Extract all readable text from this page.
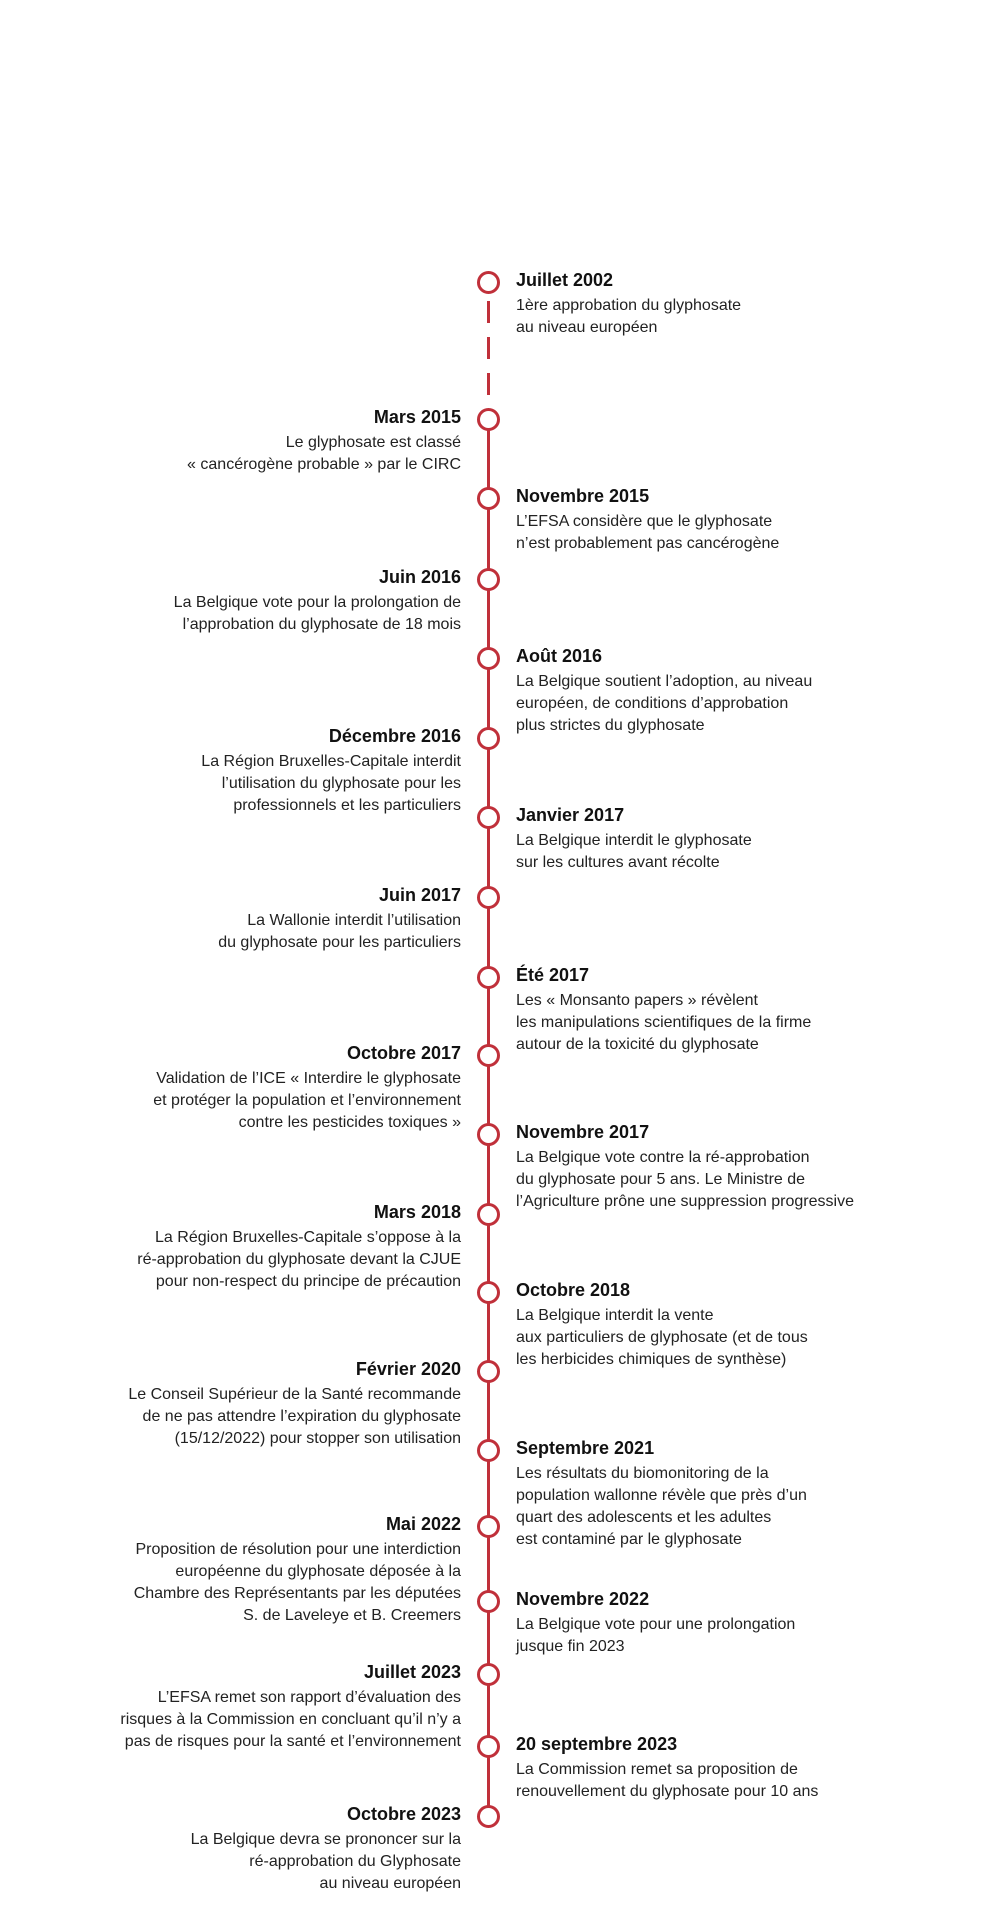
Juillet 2002
1ère approbation du glyphosate
au niveau européen
Mars 2015
Le glyphosate est classé
« cancérogène probable » par le CIRC
Novembre 2015
L’EFSA considère que le glyphosate
n’est probablement pas cancérogène
Juin 2016
La Belgique vote pour la prolongation de
l’approbation du glyphosate de 18 mois
Août 2016
La Belgique soutient l’adoption, au niveau
européen, de conditions d’approbation
plus strictes du glyphosate
Décembre 2016
La Région Bruxelles-Capitale interdit
l’utilisation du glyphosate pour les
professionnels et les particuliers	Janvier 2017
La Belgique interdit le glyphosate
sur les cultures avant récolte
Juin 2017
La Wallonie interdit l’utilisation
du glyphosate pour les particuliers
Été 2017
Les « Monsanto papers » révèlent
les manipulations scientifiques de la firme
autour de la toxicité du glyphosate
Octobre 2017
Validation de l’ICE « Interdire le glyphosate
et protéger la population et l’environnement
contre les pesticides toxiques »	Novembre 2017
La Belgique vote contre la ré-approbation
du glyphosate pour 5 ans. Le Ministre de
l’Agriculture prône une suppression progressive
Mars 2018
La Région Bruxelles-Capitale s’oppose à la
ré-approbation du glyphosate devant la CJUE
pour non-respect du principe de précaution	Octobre 2018
La Belgique interdit la vente
aux particuliers de glyphosate (et de tous
les herbicides chimiques de synthèse)
Février 2020
Le Conseil Supérieur de la Santé recommande
de ne pas attendre l’expiration du glyphosate
(15/12/2022) pour stopper son utilisation	Septembre 2021
Les résultats du biomonitoring de la
population wallonne révèle que près d’un
quart des adolescents et les adultes
est contaminé par le glyphosate
Mai 2022
Proposition de résolution pour une interdiction
européenne du glyphosate déposée à la
Chambre des Représentants par les députées
S. de Laveleye et B. Creemers
Novembre 2022
La Belgique vote pour une prolongation
jusque fin 2023
Juillet 2023
L’EFSA remet son rapport d’évaluation des
risques à la Commission en concluant qu’il n’y a
pas de risques pour la santé et l’environnement	20 septembre 2023
La Commission remet sa proposition de
renouvellement du glyphosate pour 10 ans
Octobre 2023
La Belgique devra se prononcer sur la
ré-approbation du Glyphosate
au niveau européen
